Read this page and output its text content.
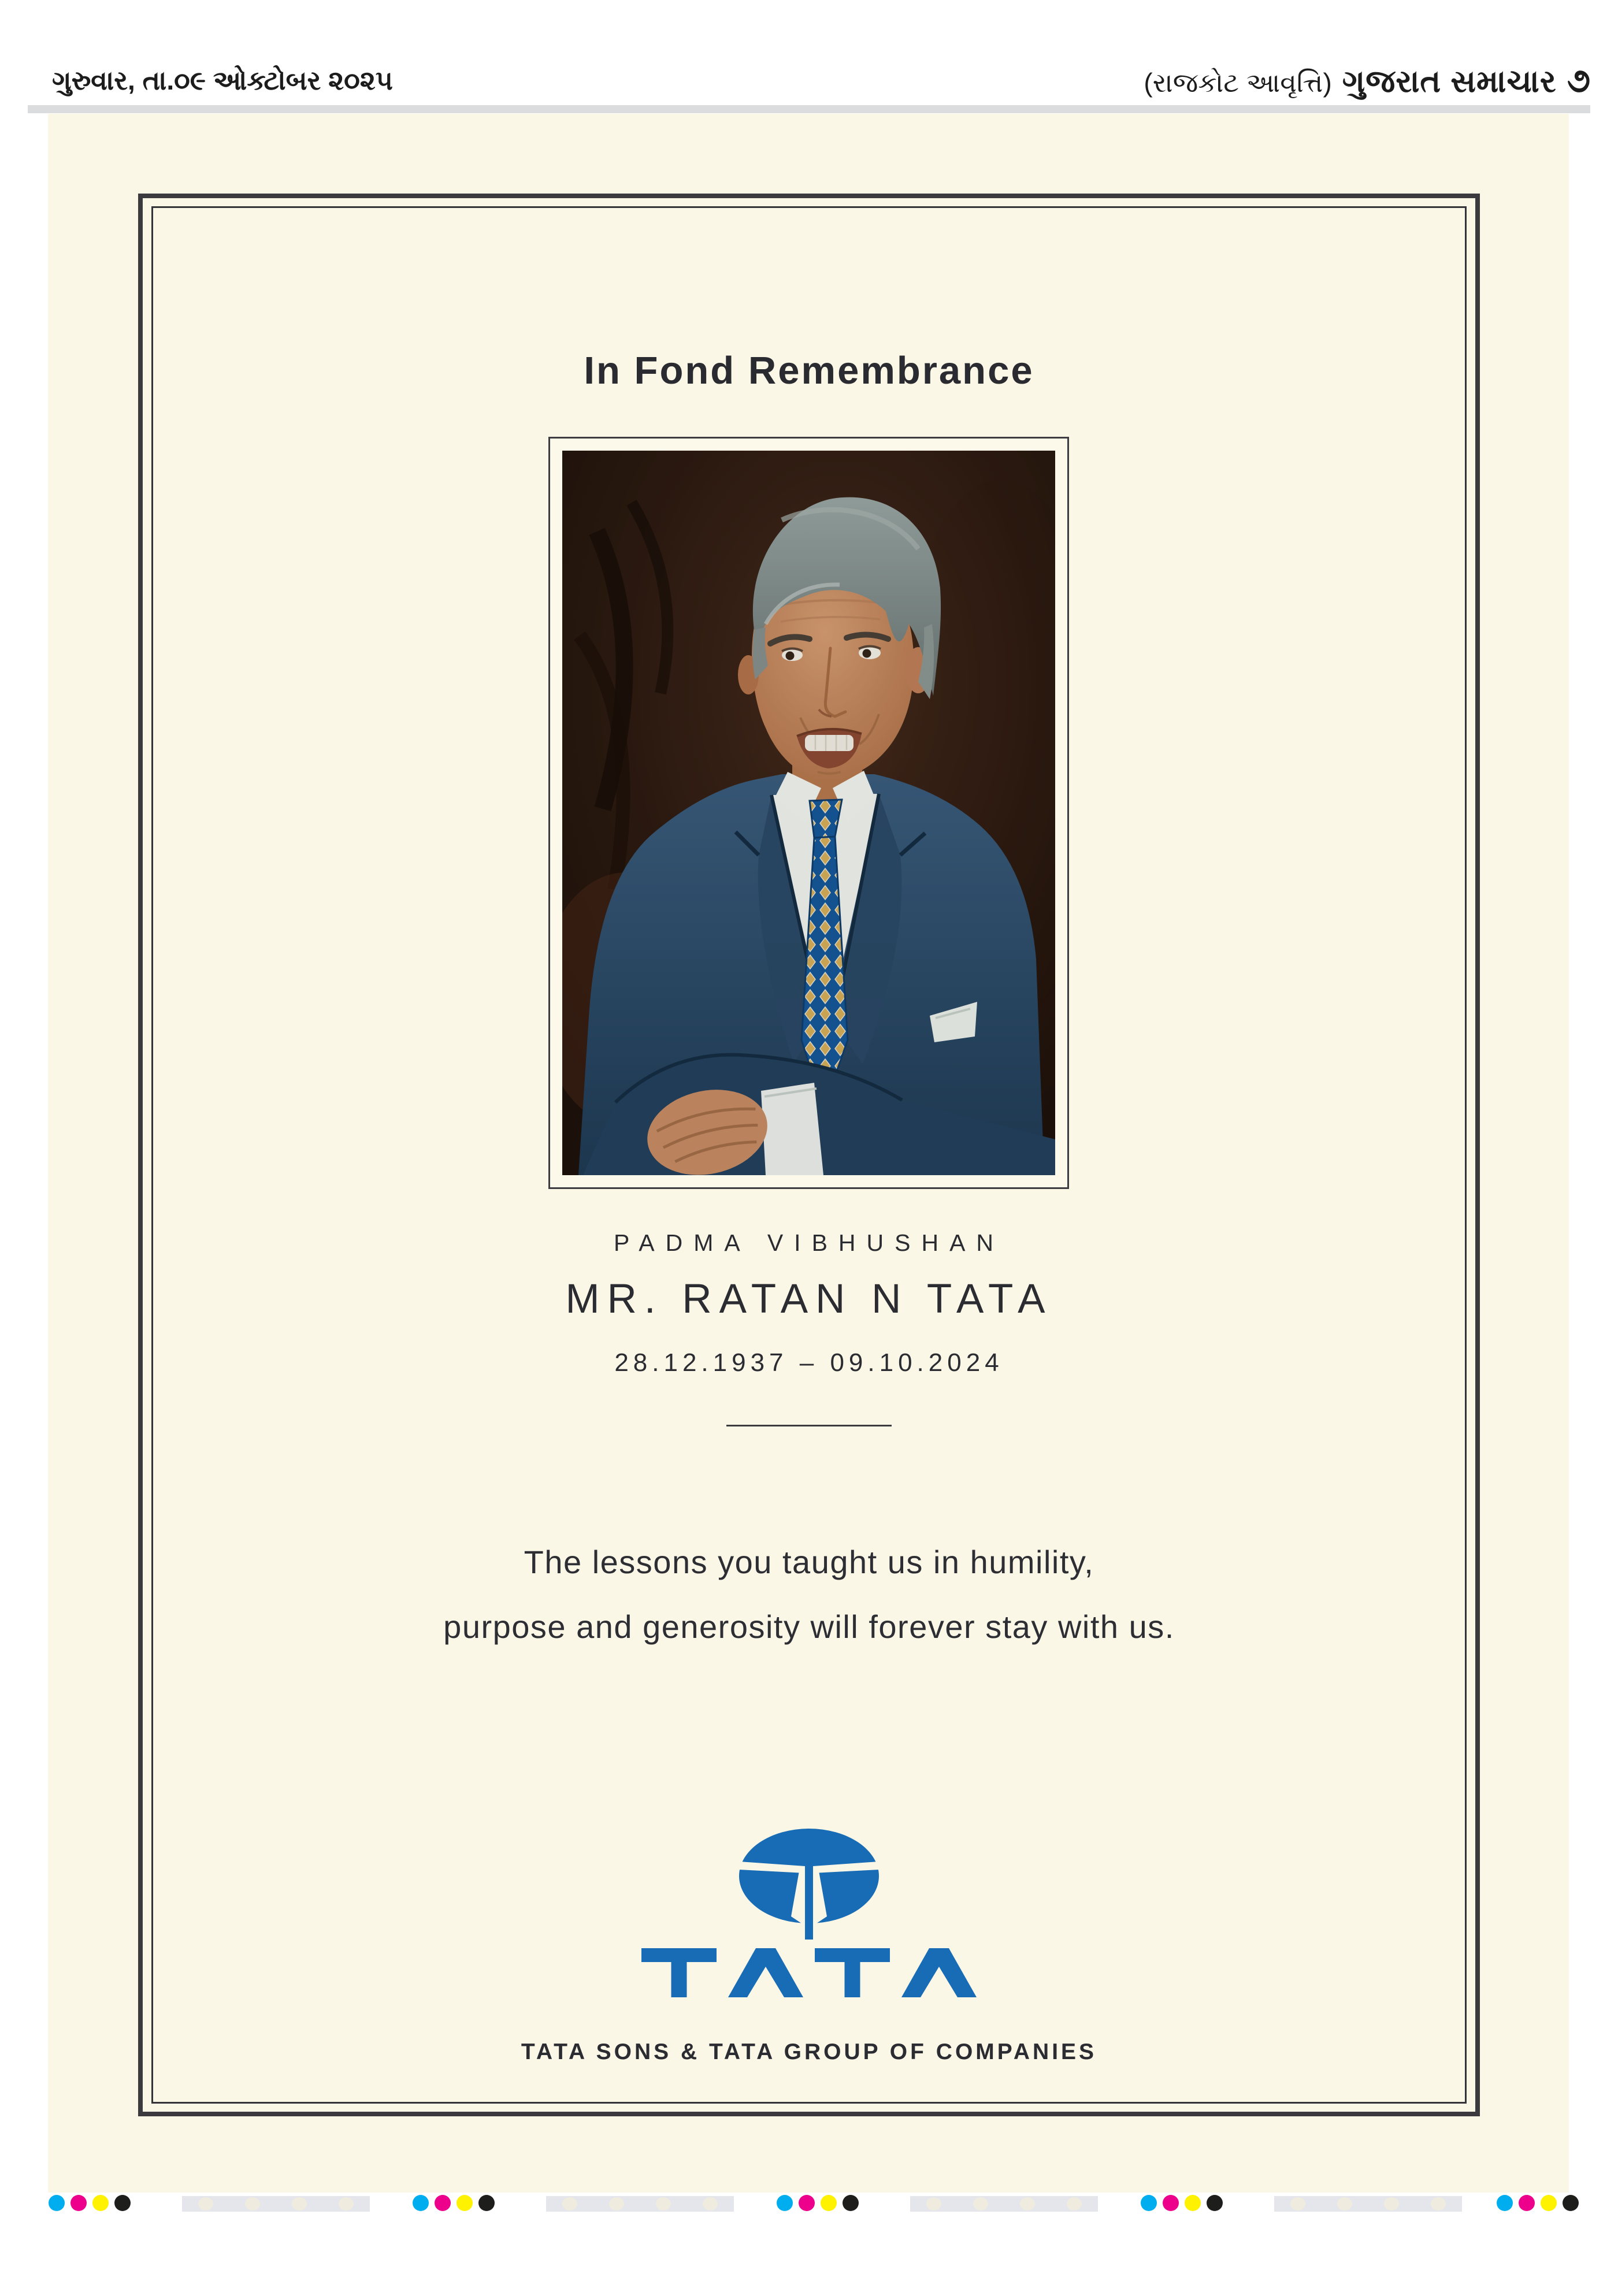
ગુરુવાર, તા.૦૯ ઓક્ટોબર ૨૦૨૫	(રાજકોટ આવૃત્તિ) ગુજરાત સમાચાર ૭
In Fond Remembrance
PADMA VIBHUSHAN
MR. RATAN N TATA
28.12.1937 – 09.10.2024
The lessons you taught us in humility,
purpose and generosity will forever stay with us.
TATA SONS & TATA GROUP OF COMPANIES
